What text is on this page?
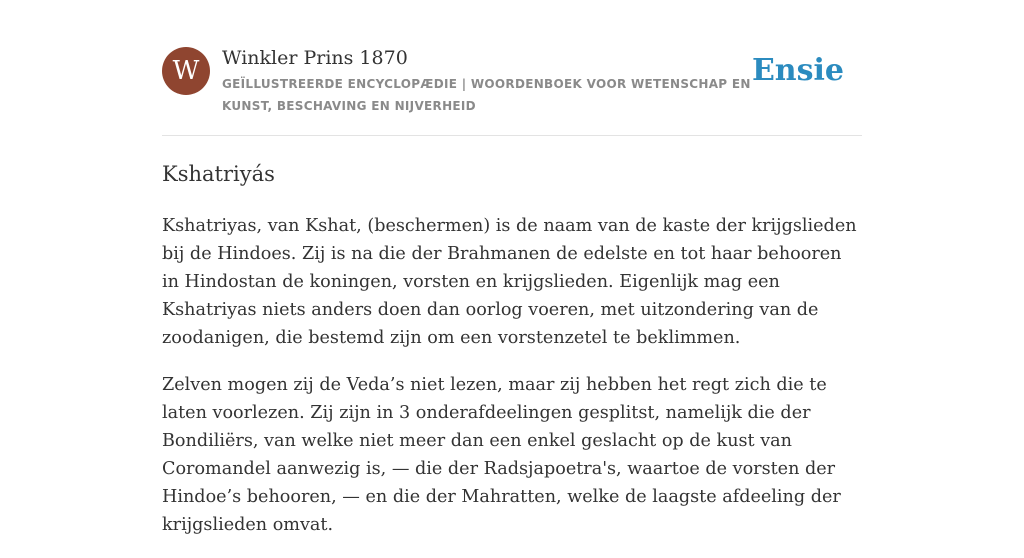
W	Winkler Prins 1870
GEÏLLUSTREERDE ENCYCLOPÆDIE | WOORDENBOEK VOOR WETENSCHAP EN KUNST, BESCHAVING EN NIJVERHEID
Ensie
Kshatriyás

Kshatriyas, van Kshat, (beschermen) is de naam van de kaste der krijgslieden bij de Hindoes. Zij is na die der Brahmanen de edelste en tot haar behooren in Hindostan de koningen, vorsten en krijgslieden. Eigenlijk mag een Kshatriyas niets anders doen dan oorlog voeren, met uitzondering van de zoodanigen, die bestemd zijn om een vorstenzetel te beklimmen.

Zelven mogen zij de Veda’s niet lezen, maar zij hebben het regt zich die te laten voorlezen. Zij zijn in 3 onderafdeelingen gesplitst, namelijk die der Bondiliërs, van welke niet meer dan een enkel geslacht op de kust van Coromandel aanwezig is, — die der Radsjapoetra's, waartoe de vorsten der Hindoe’s behooren, — en die der Mahratten, welke de laagste afdeeling der krijgslieden omvat.
